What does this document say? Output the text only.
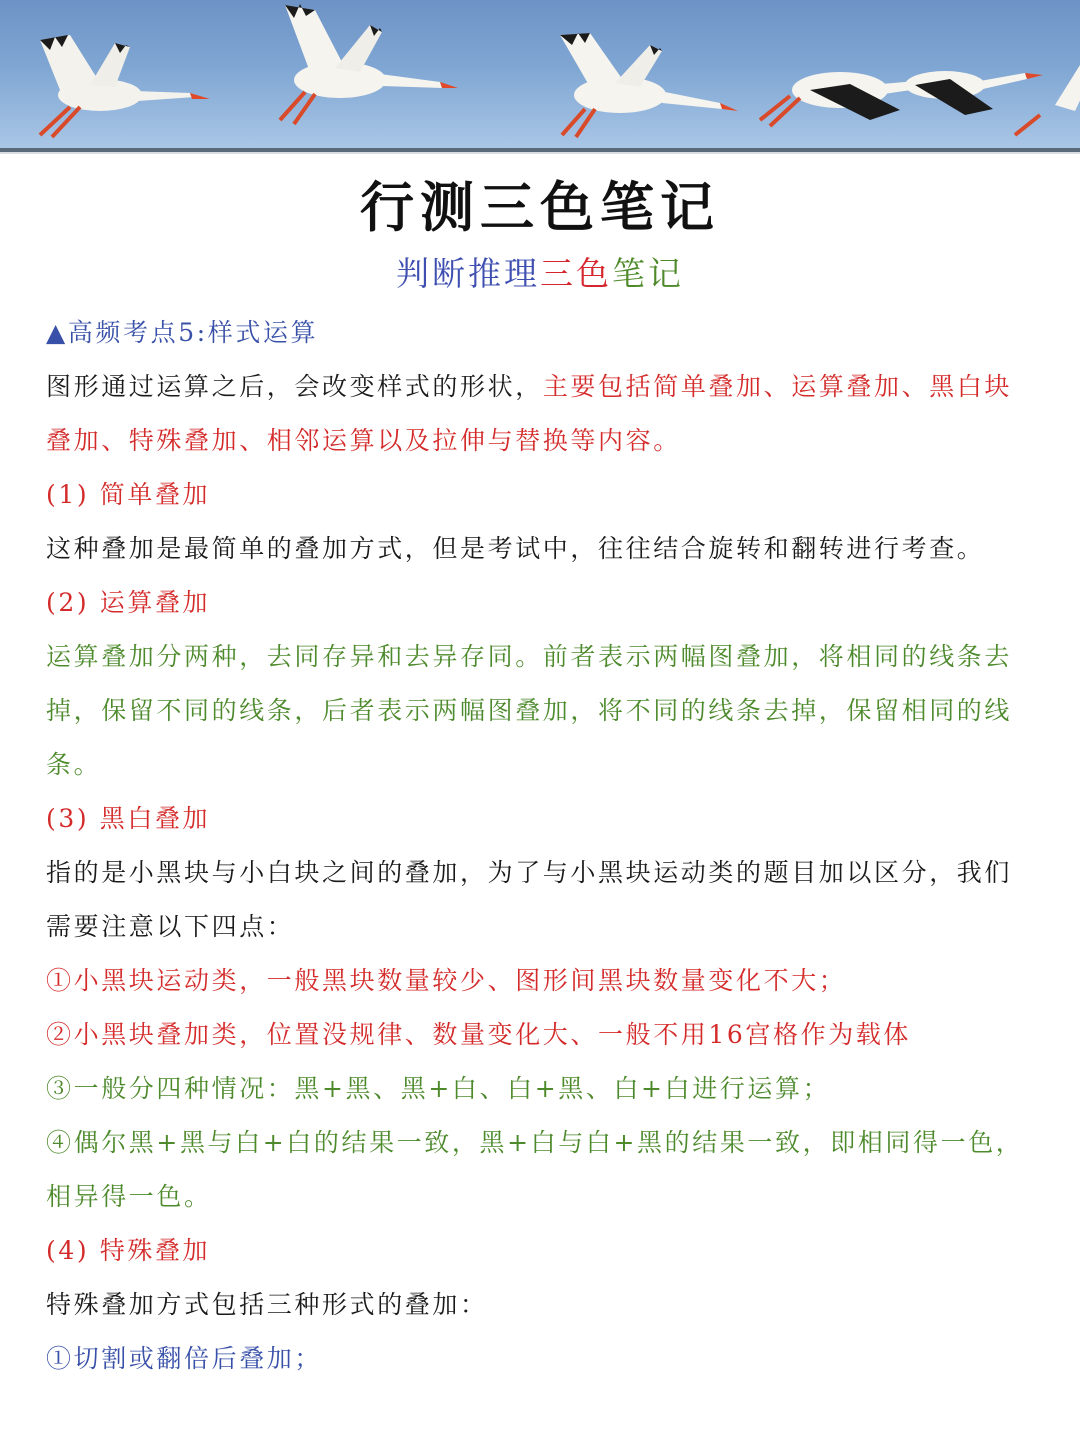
行测三色笔记
判断推理三色笔记
▲高频考点5:样式运算
图形通过运算之后，会改变样式的形状，主要包括简单叠加、运算叠加、黑白块叠加、特殊叠加、相邻运算以及拉伸与替换等内容。
(1) 简单叠加
这种叠加是最简单的叠加方式，但是考试中，往往结合旋转和翻转进行考查。
(2) 运算叠加
运算叠加分两种，去同存异和去异存同。前者表示两幅图叠加，将相同的线条去掉，保留不同的线条，后者表示两幅图叠加，将不同的线条去掉，保留相同的线条。
(3) 黑白叠加
指的是小黑块与小白块之间的叠加，为了与小黑块运动类的题目加以区分，我们需要注意以下四点：
①小黑块运动类，一般黑块数量较少、图形间黑块数量变化不大；
②小黑块叠加类，位置没规律、数量变化大、一般不用16宫格作为载体
③一般分四种情况：黑+黑、黑+白、白+黑、白+白进行运算；
④偶尔黑+黑与白+白的结果一致，黑+白与白+黑的结果一致，即相同得一色，相异得一色。
(4) 特殊叠加
特殊叠加方式包括三种形式的叠加：
①切割或翻倍后叠加；
